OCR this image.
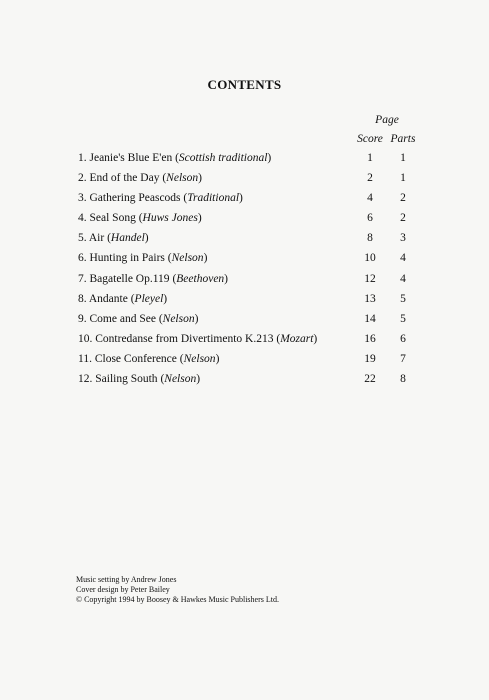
CONTENTS
Page
Score Parts
1. Jeanie's Blue E'en (Scottish traditional)	1	1
2. End of the Day (Nelson)	2	1
3. Gathering Peascods (Traditional)	4	2
4. Seal Song (Huws Jones)	6	2
5. Air (Handel)	8	3
6. Hunting in Pairs (Nelson)	10	4
7. Bagatelle Op.119 (Beethoven)	12	4
8. Andante (Pleyel)	13	5
9. Come and See (Nelson)	14	5
10. Contredanse from Divertimento K.213 (Mozart)	16	6
11. Close Conference (Nelson)	19	7
12. Sailing South (Nelson)	22	8
Music setting by Andrew Jones
Cover design by Peter Bailey
© Copyright 1994 by Boosey & Hawkes Music Publishers Ltd.
